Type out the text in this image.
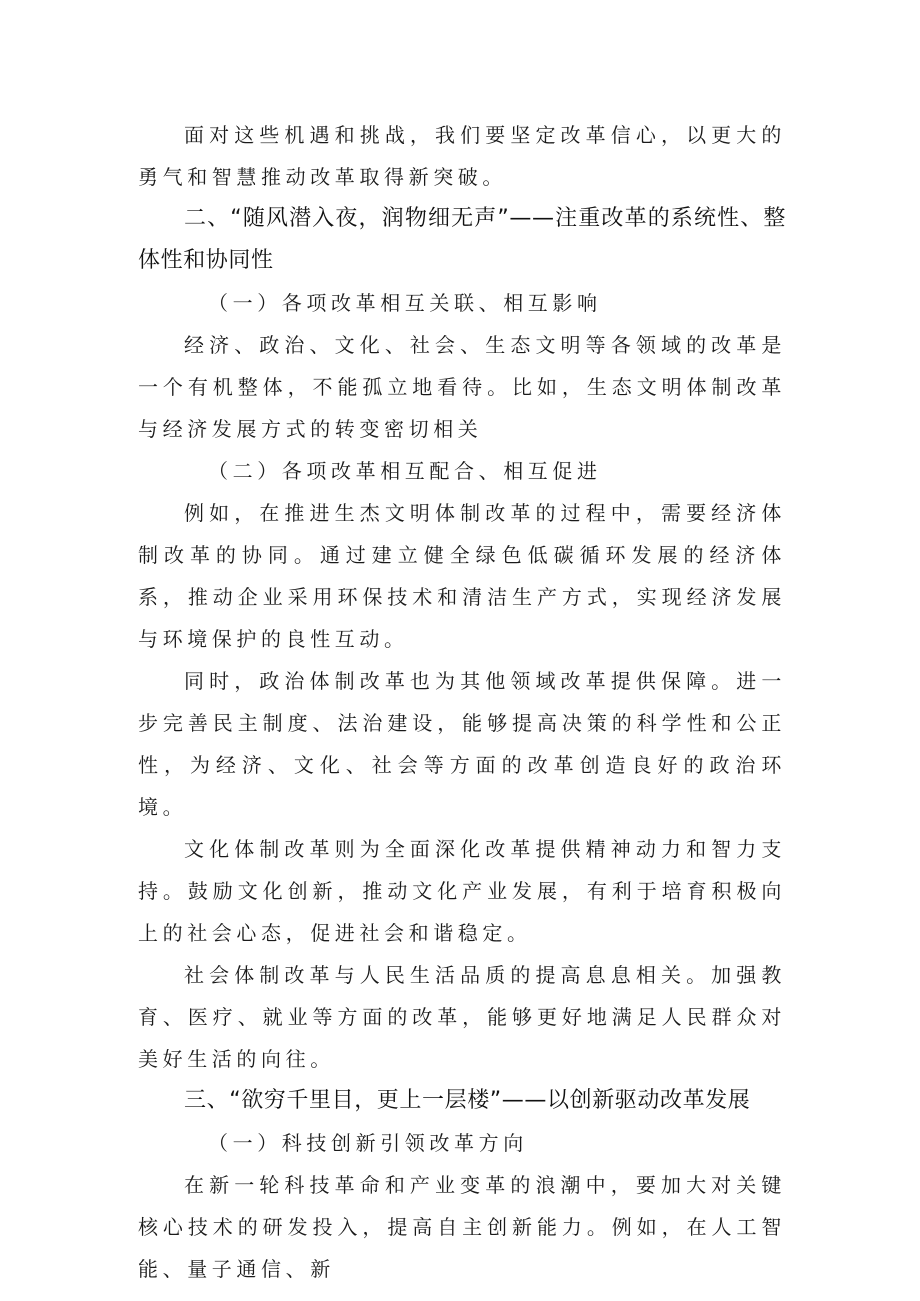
面对这些机遇和挑战，我们要坚定改革信心，以更大的勇气和智慧推动改革取得新突破。

二、“随风潜入夜，润物细无声”——注重改革的系统性、整体性和协同性

（一）各项改革相互关联、相互影响

经济、政治、文化、社会、生态文明等各领域的改革是一个有机整体，不能孤立地看待。比如，生态文明体制改革与经济发展方式的转变密切相关

（二）各项改革相互配合、相互促进

例如，在推进生杰文明体制改革的过程中，需要经济体制改革的协同。通过建立健全绿色低碳循环发展的经济体系，推动企业采用环保技术和清洁生产方式，实现经济发展与环境保护的良性互动。

同时，政治体制改革也为其他领域改革提供保障。进一步完善民主制度、法治建设，能够提高决策的科学性和公正性，为经济、文化、社会等方面的改革创造良好的政治环境。

文化体制改革则为全面深化改革提供精神动力和智力支持。鼓励文化创新，推动文化产业发展，有利于培育积极向上的社会心态，促进社会和谐稳定。

社会体制改革与人民生活品质的提高息息相关。加强教育、医疗、就业等方面的改革，能够更好地满足人民群众对美好生活的向往。

三、“欲穷千里目，更上一层楼”——以创新驱动改革发展

（一）科技创新引领改革方向

在新一轮科技革命和产业变革的浪潮中，要加大对关键核心技术的研发投入，提高自主创新能力。例如，在人工智能、量子通信、新
